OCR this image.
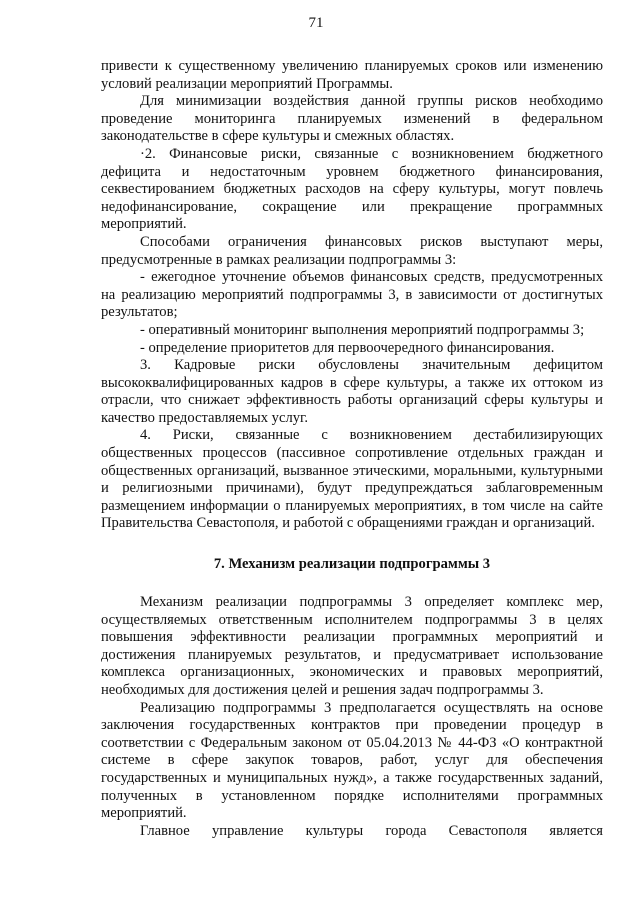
71

привести к существенному увеличению планируемых сроков или изменению условий реализации мероприятий Программы.

Для минимизации воздействия данной группы рисков необходимо проведение мониторинга планируемых изменений в федеральном законодательстве в сфере культуры и смежных областях.

·2. Финансовые риски, связанные с возникновением бюджетного дефицита и недостаточным уровнем бюджетного финансирования, секвестированием бюджетных расходов на сферу культуры, могут повлечь недофинансирование, сокращение или прекращение программных мероприятий.

Способами ограничения финансовых рисков выступают меры, предусмотренные в рамках реализации подпрограммы 3:

- ежегодное уточнение объемов финансовых средств, предусмотренных на реализацию мероприятий подпрограммы 3, в зависимости от достигнутых результатов;

- оперативный мониторинг выполнения мероприятий подпрограммы 3;

- определение приоритетов для первоочередного финансирования.

3. Кадровые риски обусловлены значительным дефицитом высококвалифицированных кадров в сфере культуры, а также их оттоком из отрасли, что снижает эффективность работы организаций сферы культуры и качество предоставляемых услуг.

4. Риски, связанные с возникновением дестабилизирующих общественных процессов (пассивное сопротивление отдельных граждан и общественных организаций, вызванное этическими, моральными, культурными и религиозными причинами), будут предупреждаться заблаговременным размещением информации о планируемых мероприятиях, в том числе на сайте Правительства Севастополя, и работой с обращениями граждан и организаций.

7. Механизм реализации подпрограммы 3

Механизм реализации подпрограммы 3 определяет комплекс мер, осуществляемых ответственным исполнителем подпрограммы 3 в целях повышения эффективности реализации программных мероприятий и достижения планируемых результатов, и предусматривает использование комплекса организационных, экономических и правовых мероприятий, необходимых для достижения целей и решения задач подпрограммы 3.

Реализацию подпрограммы 3 предполагается осуществлять на основе заключения государственных контрактов при проведении процедур в соответствии с Федеральным законом от 05.04.2013 № 44-ФЗ «О контрактной системе в сфере закупок товаров, работ, услуг для обеспечения государственных и муниципальных нужд», а также государственных заданий, полученных в установленном порядке исполнителями программных мероприятий.

Главное управление культуры города Севастополя является
